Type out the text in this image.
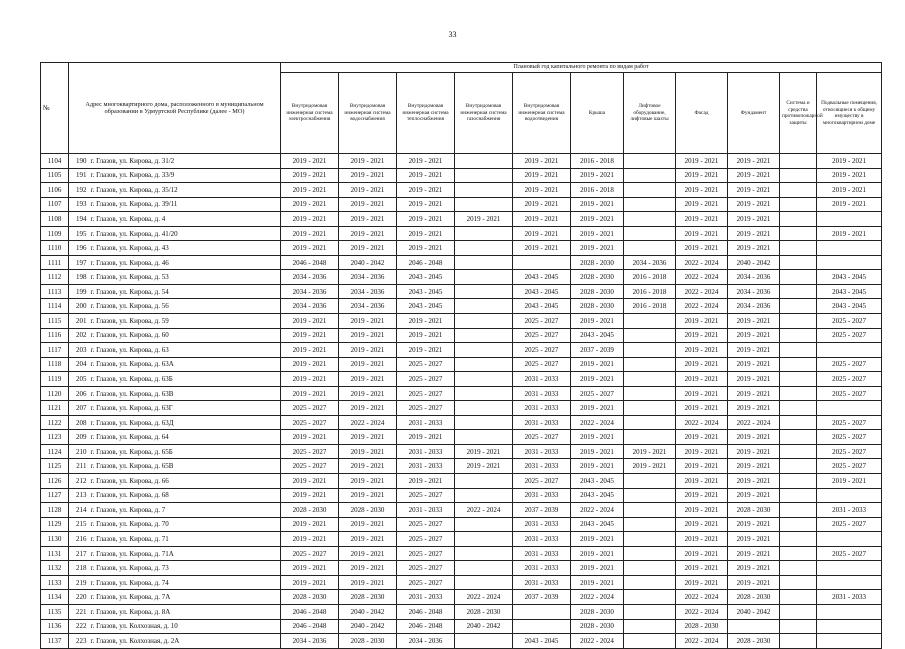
33
№	Адрес многоквартирного дома, расположенного в муниципальном образовании в Удмуртской Республике (далее - МО)		Плановый год капитального ремонта по видам работ										
			Внутридомовая инженерная система электроснабжения	Внутридомовая инженерная система водоснабжения	Внутридомовая инженерная система теплоснабжения	Внутридомовая инженерная система газоснабжения	Внутридомовая инженерная система водоотведения	Крыша	Лифтовое оборудование, лифтовые шахты	Фасад	Фундамент	Система и средства противопожарной защиты	Подвальные помещения, относящиеся к общему имуществу в многоквартирном доме
1104	190	г. Глазов, ул. Кирова, д. 31/2	2019 - 2021	2019 - 2021	2019 - 2021		2019 - 2021	2016 - 2018		2019 - 2021	2019 - 2021		2019 - 2021
1105	191	г. Глазов, ул. Кирова, д. 33/9	2019 - 2021	2019 - 2021	2019 - 2021		2019 - 2021	2019 - 2021		2019 - 2021	2019 - 2021		2019 - 2021
1106	192	г. Глазов, ул. Кирова, д. 35/12	2019 - 2021	2019 - 2021	2019 - 2021		2019 - 2021	2016 - 2018		2019 - 2021	2019 - 2021		2019 - 2021
1107	193	г. Глазов, ул. Кирова, д. 39/11	2019 - 2021	2019 - 2021	2019 - 2021		2019 - 2021	2019 - 2021		2019 - 2021	2019 - 2021		2019 - 2021
1108	194	г. Глазов, ул. Кирова, д. 4	2019 - 2021	2019 - 2021	2019 - 2021	2019 - 2021	2019 - 2021	2019 - 2021		2019 - 2021	2019 - 2021		
1109	195	г. Глазов, ул. Кирова, д. 41/20	2019 - 2021	2019 - 2021	2019 - 2021		2019 - 2021	2019 - 2021		2019 - 2021	2019 - 2021		2019 - 2021
1110	196	г. Глазов, ул. Кирова, д. 43	2019 - 2021	2019 - 2021	2019 - 2021		2019 - 2021	2019 - 2021		2019 - 2021	2019 - 2021		
1111	197	г. Глазов, ул. Кирова, д. 46	2046 - 2048	2040 - 2042	2046 - 2048			2028 - 2030	2034 - 2036	2022 - 2024	2040 - 2042		
1112	198	г. Глазов, ул. Кирова, д. 53	2034 - 2036	2034 - 2036	2043 - 2045		2043 - 2045	2028 - 2030	2016 - 2018	2022 - 2024	2034 - 2036		2043 - 2045
1113	199	г. Глазов, ул. Кирова, д. 54	2034 - 2036	2034 - 2036	2043 - 2045		2043 - 2045	2028 - 2030	2016 - 2018	2022 - 2024	2034 - 2036		2043 - 2045
1114	200	г. Глазов, ул. Кирова, д. 56	2034 - 2036	2034 - 2036	2043 - 2045		2043 - 2045	2028 - 2030	2016 - 2018	2022 - 2024	2034 - 2036		2043 - 2045
1115	201	г. Глазов, ул. Кирова, д. 59	2019 - 2021	2019 - 2021	2019 - 2021		2025 - 2027	2019 - 2021		2019 - 2021	2019 - 2021		2025 - 2027
1116	202	г. Глазов, ул. Кирова, д. 60	2019 - 2021	2019 - 2021	2019 - 2021		2025 - 2027	2043 - 2045		2019 - 2021	2019 - 2021		2025 - 2027
1117	203	г. Глазов, ул. Кирова, д. 63	2019 - 2021	2019 - 2021	2019 - 2021		2025 - 2027	2037 - 2039		2019 - 2021	2019 - 2021		
1118	204	г. Глазов, ул. Кирова, д. 63А	2019 - 2021	2019 - 2021	2025 - 2027		2025 - 2027	2019 - 2021		2019 - 2021	2019 - 2021		2025 - 2027
1119	205	г. Глазов, ул. Кирова, д. 63Б	2019 - 2021	2019 - 2021	2025 - 2027		2031 - 2033	2019 - 2021		2019 - 2021	2019 - 2021		2025 - 2027
1120	206	г. Глазов, ул. Кирова, д. 63В	2019 - 2021	2019 - 2021	2025 - 2027		2031 - 2033	2025 - 2027		2019 - 2021	2019 - 2021		2025 - 2027
1121	207	г. Глазов, ул. Кирова, д. 63Г	2025 - 2027	2019 - 2021	2025 - 2027		2031 - 2033	2019 - 2021		2019 - 2021	2019 - 2021		
1122	208	г. Глазов, ул. Кирова, д. 63Д	2025 - 2027	2022 - 2024	2031 - 2033		2031 - 2033	2022 - 2024		2022 - 2024	2022 - 2024		2025 - 2027
1123	209	г. Глазов, ул. Кирова, д. 64	2019 - 2021	2019 - 2021	2019 - 2021		2025 - 2027	2019 - 2021		2019 - 2021	2019 - 2021		2025 - 2027
1124	210	г. Глазов, ул. Кирова, д. 65Б	2025 - 2027	2019 - 2021	2031 - 2033	2019 - 2021	2031 - 2033	2019 - 2021	2019 - 2021	2019 - 2021	2019 - 2021		2025 - 2027
1125	211	г. Глазов, ул. Кирова, д. 65В	2025 - 2027	2019 - 2021	2031 - 2033	2019 - 2021	2031 - 2033	2019 - 2021	2019 - 2021	2019 - 2021	2019 - 2021		2025 - 2027
1126	212	г. Глазов, ул. Кирова, д. 66	2019 - 2021	2019 - 2021	2019 - 2021		2025 - 2027	2043 - 2045		2019 - 2021	2019 - 2021		2019 - 2021
1127	213	г. Глазов, ул. Кирова, д. 68	2019 - 2021	2019 - 2021	2025 - 2027		2031 - 2033	2043 - 2045		2019 - 2021	2019 - 2021		
1128	214	г. Глазов, ул. Кирова, д. 7	2028 - 2030	2028 - 2030	2031 - 2033	2022 - 2024	2037 - 2039	2022 - 2024		2019 - 2021	2028 - 2030		2031 - 2033
1129	215	г. Глазов, ул. Кирова, д. 70	2019 - 2021	2019 - 2021	2025 - 2027		2031 - 2033	2043 - 2045		2019 - 2021	2019 - 2021		2025 - 2027
1130	216	г. Глазов, ул. Кирова, д. 71	2019 - 2021	2019 - 2021	2025 - 2027		2031 - 2033	2019 - 2021		2019 - 2021	2019 - 2021		
1131	217	г. Глазов, ул. Кирова, д. 71А	2025 - 2027	2019 - 2021	2025 - 2027		2031 - 2033	2019 - 2021		2019 - 2021	2019 - 2021		2025 - 2027
1132	218	г. Глазов, ул. Кирова, д. 73	2019 - 2021	2019 - 2021	2025 - 2027		2031 - 2033	2019 - 2021		2019 - 2021	2019 - 2021		
1133	219	г. Глазов, ул. Кирова, д. 74	2019 - 2021	2019 - 2021	2025 - 2027		2031 - 2033	2019 - 2021		2019 - 2021	2019 - 2021		
1134	220	г. Глазов, ул. Кирова, д. 7А	2028 - 2030	2028 - 2030	2031 - 2033	2022 - 2024	2037 - 2039	2022 - 2024		2022 - 2024	2028 - 2030		2031 - 2033
1135	221	г. Глазов, ул. Кирова, д. 8А	2046 - 2048	2040 - 2042	2046 - 2048	2028 - 2030		2028 - 2030		2022 - 2024	2040 - 2042		
1136	222	г. Глазов, ул. Колхозная, д. 10	2046 - 2048	2040 - 2042	2046 - 2048	2040 - 2042		2028 - 2030		2028 - 2030			
1137	223	г. Глазов, ул. Колхозная, д. 2А	2034 - 2036	2028 - 2030	2034 - 2036		2043 - 2045	2022 - 2024		2022 - 2024	2028 - 2030		
